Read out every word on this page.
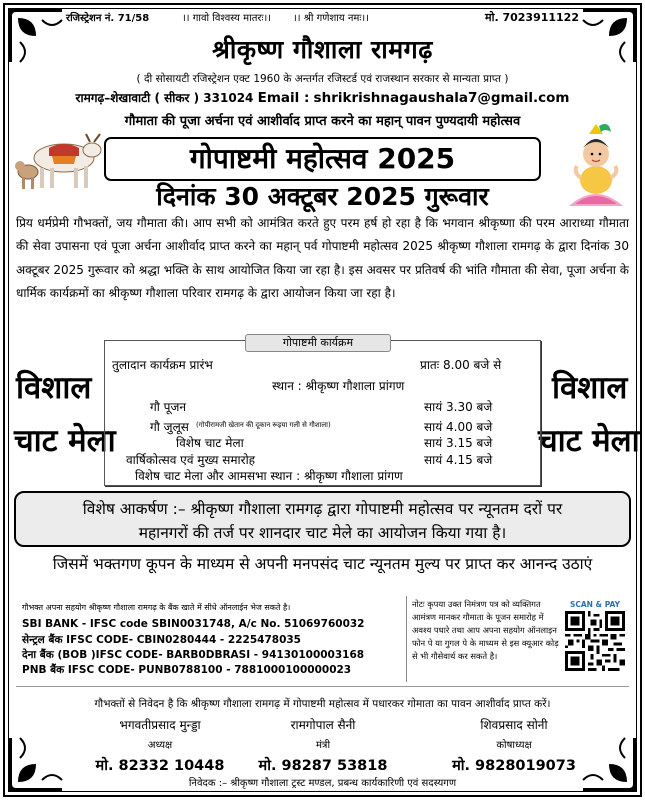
रजिस्ट्रेशन नं. 71/58	।। गावो विश्वस्य मातरः।। ।। श्री गणेशाय नमः।।	मो. 7023911122
श्रीकृष्ण गौशाला रामगढ़
( दी सोसायटी रजिस्ट्रेशन एक्ट 1960 के अन्तर्गत रजिस्टर्ड एवं राजस्थान सरकार से मान्यता प्राप्त )
रामगढ़–शेखावाटी ( सीकर ) 331024 Email : shrikrishnagaushala7@gmail.com
गौमाता की पूजा अर्चना एवं आशीर्वाद प्राप्त करने का महान् पावन पुण्यदायी महोत्सव
गोपाष्टमी महोत्सव 2025
दिनांक 30 अक्टूबर 2025 गुरूवार
प्रिय धर्मप्रेमी गौभक्तों, जय गौमाता की। आप सभी को आमंत्रित करते हुए परम हर्ष हो रहा है कि भगवान श्रीकृष्णा की परम आराध्या गौमाता की सेवा उपासना एवं पूजा अर्चना आशीर्वाद प्राप्त करने का महान् पर्व गोपाष्टमी महोत्सव 2025 श्रीकृष्ण गौशाला रामगढ़ के द्वारा दिनांक 30 अक्टूबर 2025 गुरूवार को श्रद्धा भक्ति के साथ आयोजित किया जा रहा है। इस अवसर पर प्रतिवर्ष की भांति गौमाता की सेवा, पूजा अर्चना के धार्मिक कार्यक्रमों का श्रीकृष्ण गौशाला परिवार रामगढ़ के द्वारा आयोजन किया जा रहा है।
विशाल
चाट मेला
विशाल
चाट मेला
गोपाष्टमी कार्यक्रम
तुलादान कार्यक्रम प्रारंभ	प्रातः 8.00 बजे से
स्थान : श्रीकृष्ण गौशाला प्रांगण
गौ पूजन	सायं 3.30 बजे
गौ जुलूस (गोपीरामजी खेतान की दूकान रूइया गली से गौशाला)	सायं 4.00 बजे
विशेष चाट मेला	सायं 3.15 बजे
वार्षिकोत्सव एवं मुख्य समारोह	सायं 4.15 बजे
विशेष चाट मेला और आमसभा स्थान : श्रीकृष्ण गौशाला प्रांगण
विशेष आकर्षण :– श्रीकृष्ण गौशाला रामगढ़ द्वारा गोपाष्टमी महोत्सव पर न्यूनतम दरों पर
महानगरों की तर्ज पर शानदार चाट मेले का आयोजन किया गया है।
जिसमें भक्तगण कूपन के माध्यम से अपनी मनपसंद चाट न्यूनतम मुल्य पर प्राप्त कर आनन्द उठाएं
गौभक्त अपना सहयोग श्रीकृष्ण गौशाला रामगढ़ के बैंक खाते में सीधे ऑनलाईन भेज सकते है।
SBI BANK - IFSC code SBIN0031748, A/c No. 51069760032
सेन्ट्रल बैंक IFSC CODE- CBIN0280444 - 2225478035
देना बैंक (BOB )IFSC CODE- BARB0DBRASI - 94130100003168
PNB बैंक IFSC CODE- PUNB0788100 - 7881000100000023
नोटः कृपया उक्त निमंत्रण पत्र को व्यक्तिगत आमंत्रण मानकर गौमाता के पूजन समारोह में अवश्य पधारे तथा आप अपना सहयोग ऑनलाइन फोन पे या गुगल पे के माध्यम से इस क्यूआर कोड़ से भी गौसेवार्थ कर सकते है।
SCAN & PAY
गौभक्तों से निवेदन है कि श्रीकृष्ण गौशाला रामगढ़ में गोपाष्टमी महोत्सव में पधारकर गोमाता का पावन आशीर्वाद प्राप्त करें।
भगवतीप्रसाद मुन्ड्डा
अध्यक्ष
मो. 82332 10448
रामगोपाल सैनी
मंत्री
मो. 98287 53818
शिवप्रसाद सोनी
कोषाध्यक्ष
मो. 9828019073
निवेदक :– श्रीकृष्ण गौशाला ट्रस्ट मण्डल, प्रबन्ध कार्यकारिणी एवं सदस्यगण
